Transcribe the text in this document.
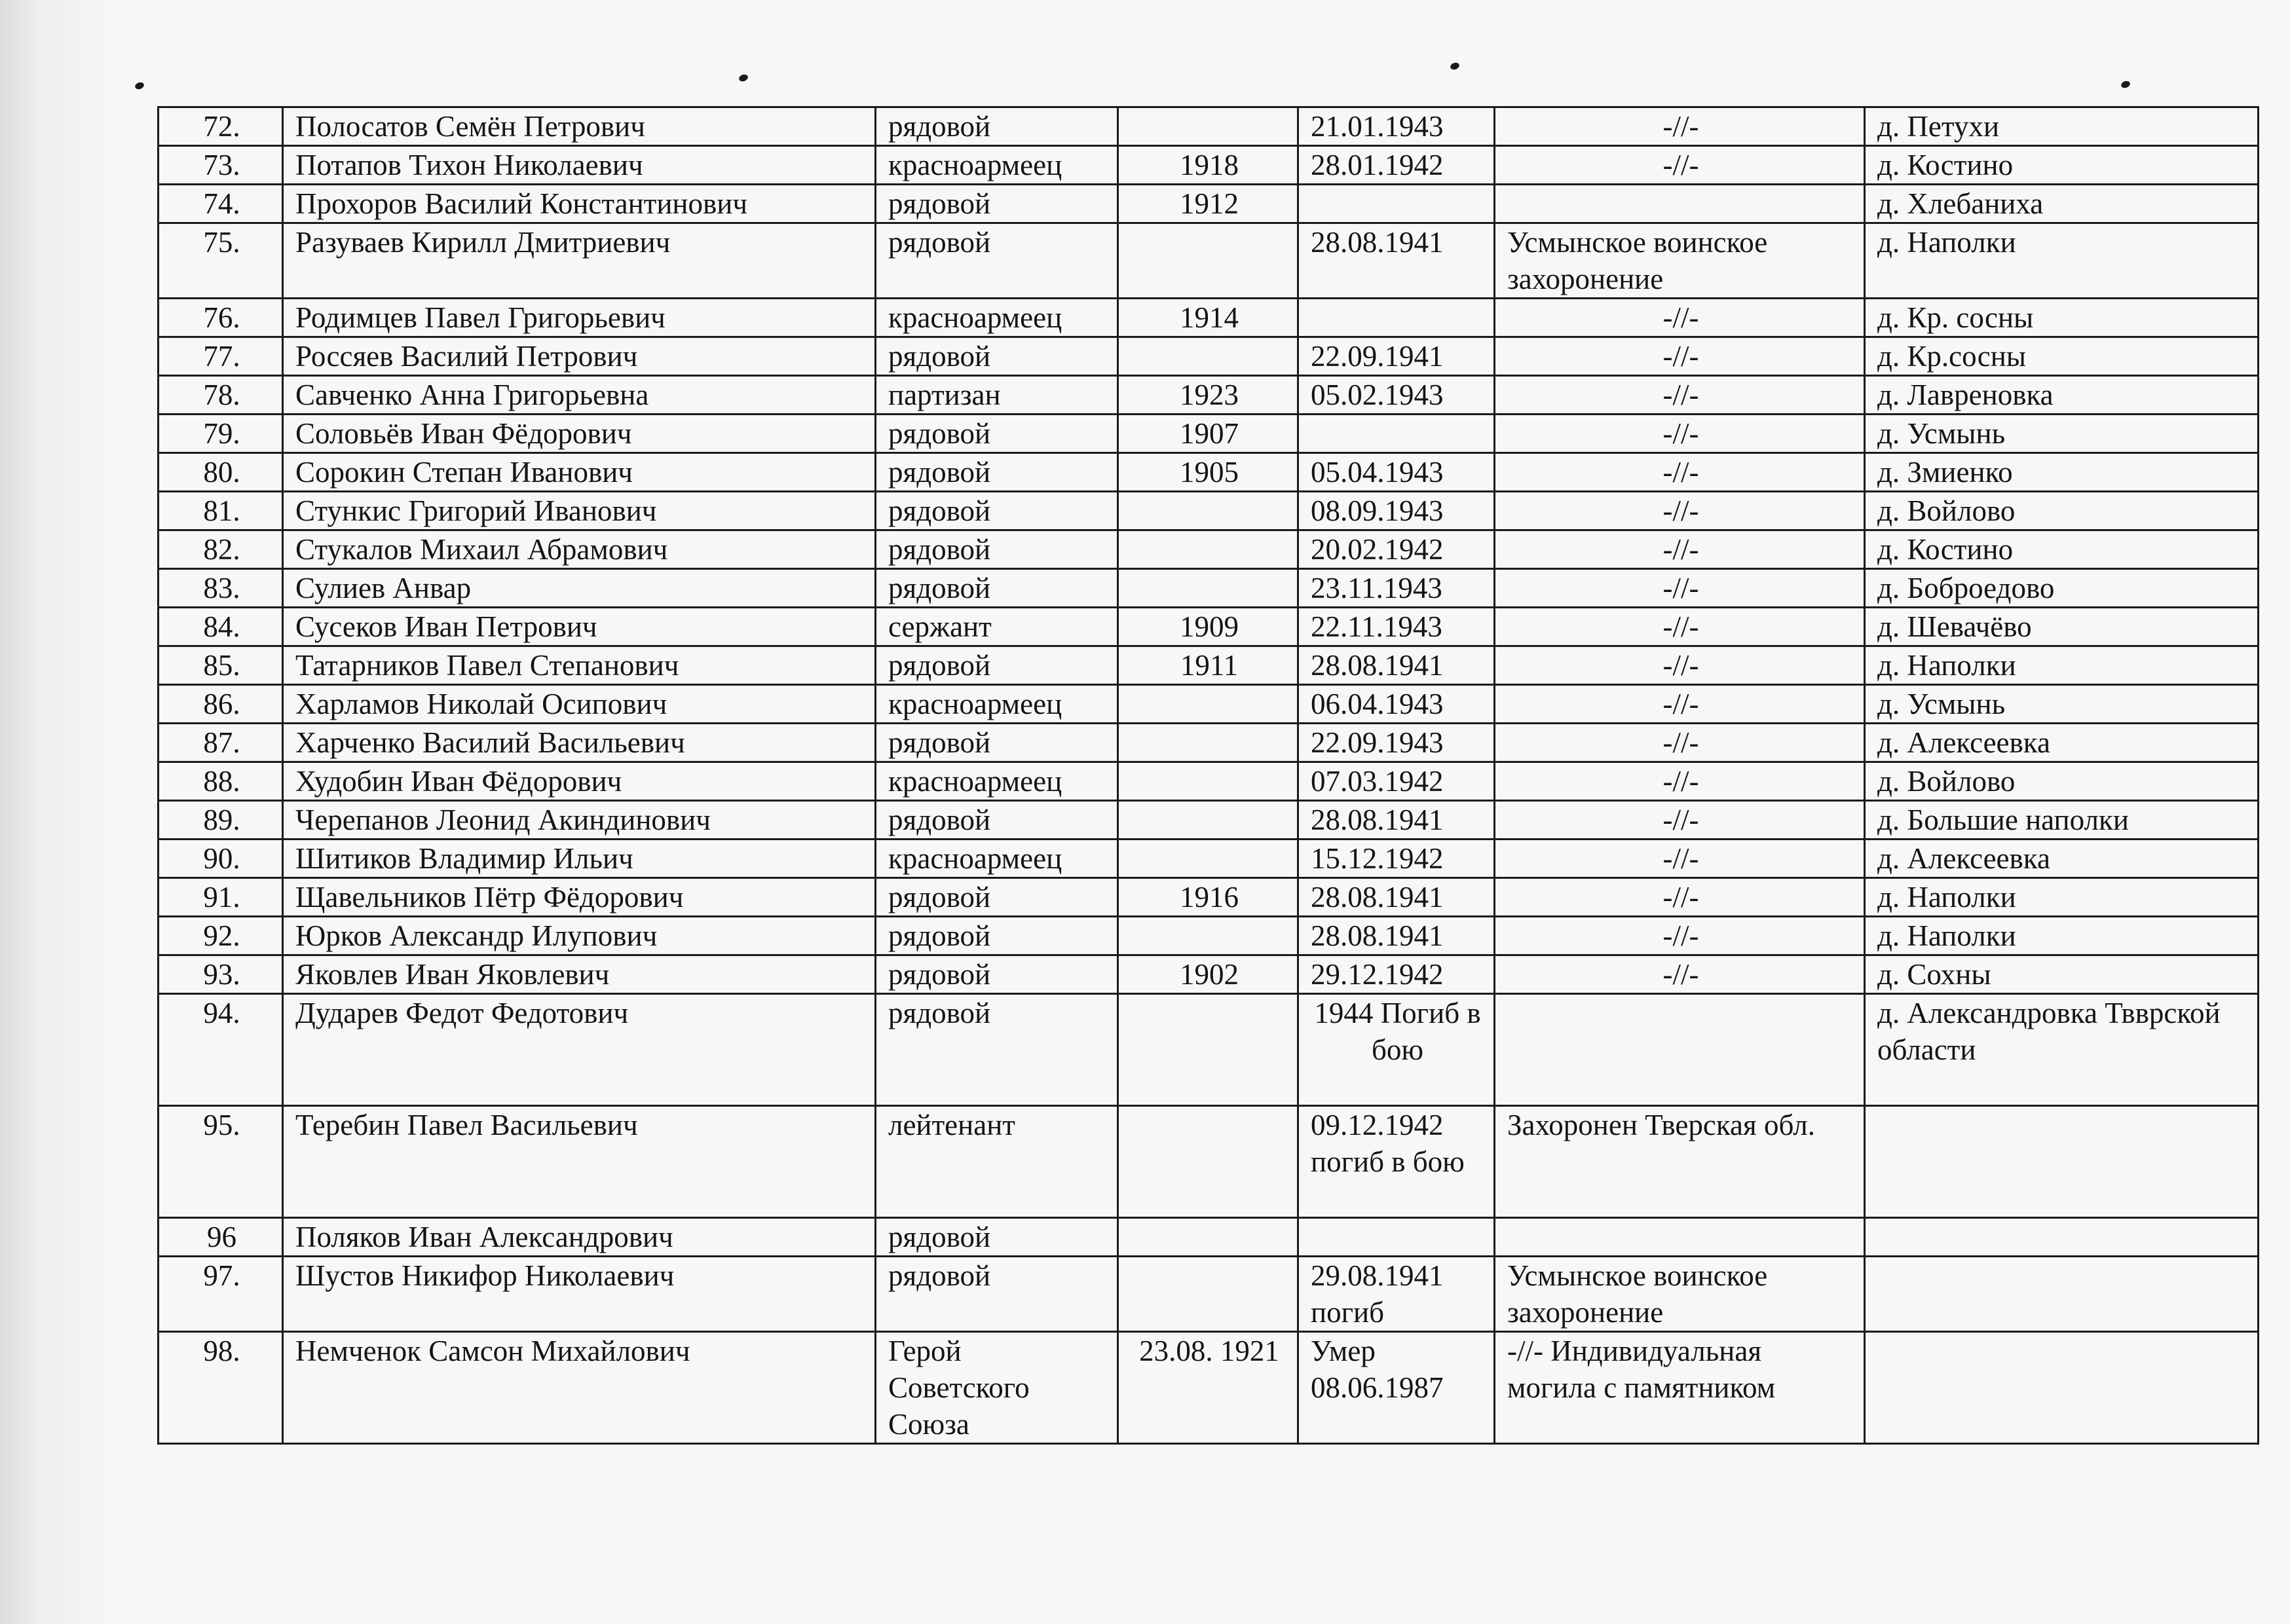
72.	Полосатов Семён Петрович	рядовой		21.01.1943	-//-	д. Петухи
73.	Потапов Тихон Николаевич	красноармеец	1918	28.01.1942	-//-	д. Костино
74.	Прохоров Василий Константинович	рядовой	1912			д. Хлебаниха
75.	Разуваев Кирилл Дмитриевич	рядовой		28.08.1941	Усмынское воинское захоронение	д. Наполки
76.	Родимцев Павел Григорьевич	красноармеец	1914		-//-	д. Кр. сосны
77.	Россяев Василий Петрович	рядовой		22.09.1941	-//-	д. Кр.сосны
78.	Савченко Анна Григорьевна	партизан	1923	05.02.1943	-//-	д. Лавреновка
79.	Соловьёв Иван Фёдорович	рядовой	1907		-//-	д. Усмынь
80.	Сорокин Степан Иванович	рядовой	1905	05.04.1943	-//-	д. Змиенко
81.	Стункис Григорий Иванович	рядовой		08.09.1943	-//-	д. Войлово
82.	Стукалов Михаил Абрамович	рядовой		20.02.1942	-//-	д. Костино
83.	Сулиев Анвар	рядовой		23.11.1943	-//-	д. Боброедово
84.	Сусеков Иван Петрович	сержант	1909	22.11.1943	-//-	д. Шевачёво
85.	Татарников Павел Степанович	рядовой	1911	28.08.1941	-//-	д. Наполки
86.	Харламов Николай Осипович	красноармеец		06.04.1943	-//-	д. Усмынь
87.	Харченко Василий Васильевич	рядовой		22.09.1943	-//-	д. Алексеевка
88.	Худобин Иван Фёдорович	красноармеец		07.03.1942	-//-	д. Войлово
89.	Черепанов Леонид Акиндинович	рядовой		28.08.1941	-//-	д. Большие наполки
90.	Шитиков Владимир Ильич	красноармеец		15.12.1942	-//-	д. Алексеевка
91.	Щавельников Пётр Фёдорович	рядовой	1916	28.08.1941	-//-	д. Наполки
92.	Юрков Александр Илупович	рядовой		28.08.1941	-//-	д. Наполки
93.	Яковлев Иван Яковлевич	рядовой	1902	29.12.1942	-//-	д. Сохны
94.	Дударев Федот Федотович	рядовой		1944 Погиб в бою		д. Александровка Твврской области
95.	Теребин Павел Васильевич	лейтенант		09.12.1942 погиб в бою	Захоронен Тверская обл.	
96	Поляков Иван Александрович	рядовой				
97.	Шустов Никифор Николаевич	рядовой		29.08.1941 погиб	Усмынское воинское захоронение	
98.	Немченок Самсон Михайлович	Герой Советского Союза	23.08. 1921	Умер 08.06.1987	-//- Индивидуальная могила с памятником	
